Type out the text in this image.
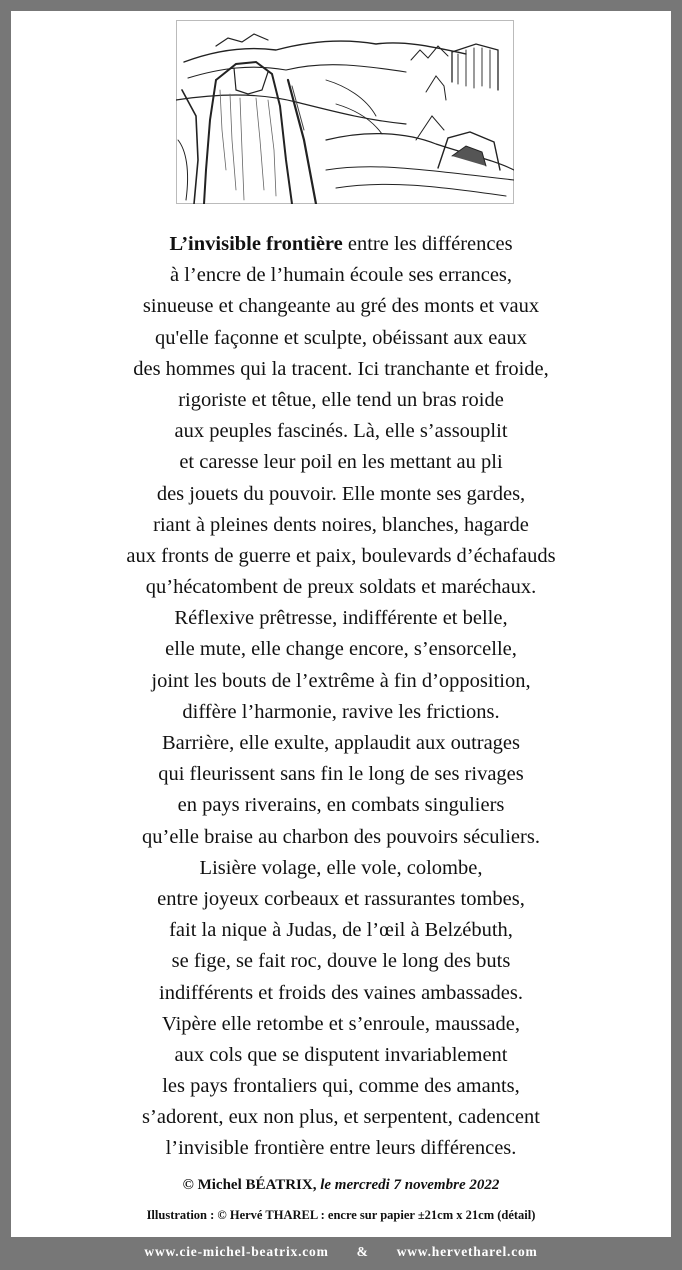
L’invisible frontière entre les différences
à l’encre de l’humain écoule ses errances,
sinueuse et changeante au gré des monts et vaux
qu'elle façonne et sculpte, obéissant aux eaux
des hommes qui la tracent. Ici tranchante et froide,
rigoriste et têtue, elle tend un bras roide
aux peuples fascinés. Là, elle s’assouplit
et caresse leur poil en les mettant au pli
des jouets du pouvoir. Elle monte ses gardes,
riant à pleines dents noires, blanches, hagarde
aux fronts de guerre et paix, boulevards d’échafauds
qu’hécatombent de preux soldats et maréchaux.
Réflexive prêtresse, indifférente et belle,
elle mute, elle change encore, s’ensorcelle,
joint les bouts de l’extrême à fin d’opposition,
diffère l’harmonie, ravive les frictions.
Barrière, elle exulte, applaudit aux outrages
qui fleurissent sans fin le long de ses rivages
en pays riverains, en combats singuliers
qu’elle braise au charbon des pouvoirs séculiers.
Lisière volage, elle vole, colombe,
entre joyeux corbeaux et rassurantes tombes,
fait la nique à Judas, de l’œil à Belzébuth,
se fige, se fait roc, douve le long des buts
indifférents et froids des vaines ambassades.
Vipère elle retombe et s’enroule, maussade,
aux cols que se disputent invariablement
les pays frontaliers qui, comme des amants,
s’adorent, eux non plus, et serpentent, cadencent
l’invisible frontière entre leurs différences.
© Michel BÉATRIX, le mercredi 7 novembre 2022
Illustration : © Hervé THAREL : encre sur papier ±21cm x 21cm (détail)
www.cie-michel-beatrix.com & www.hervetharel.com
